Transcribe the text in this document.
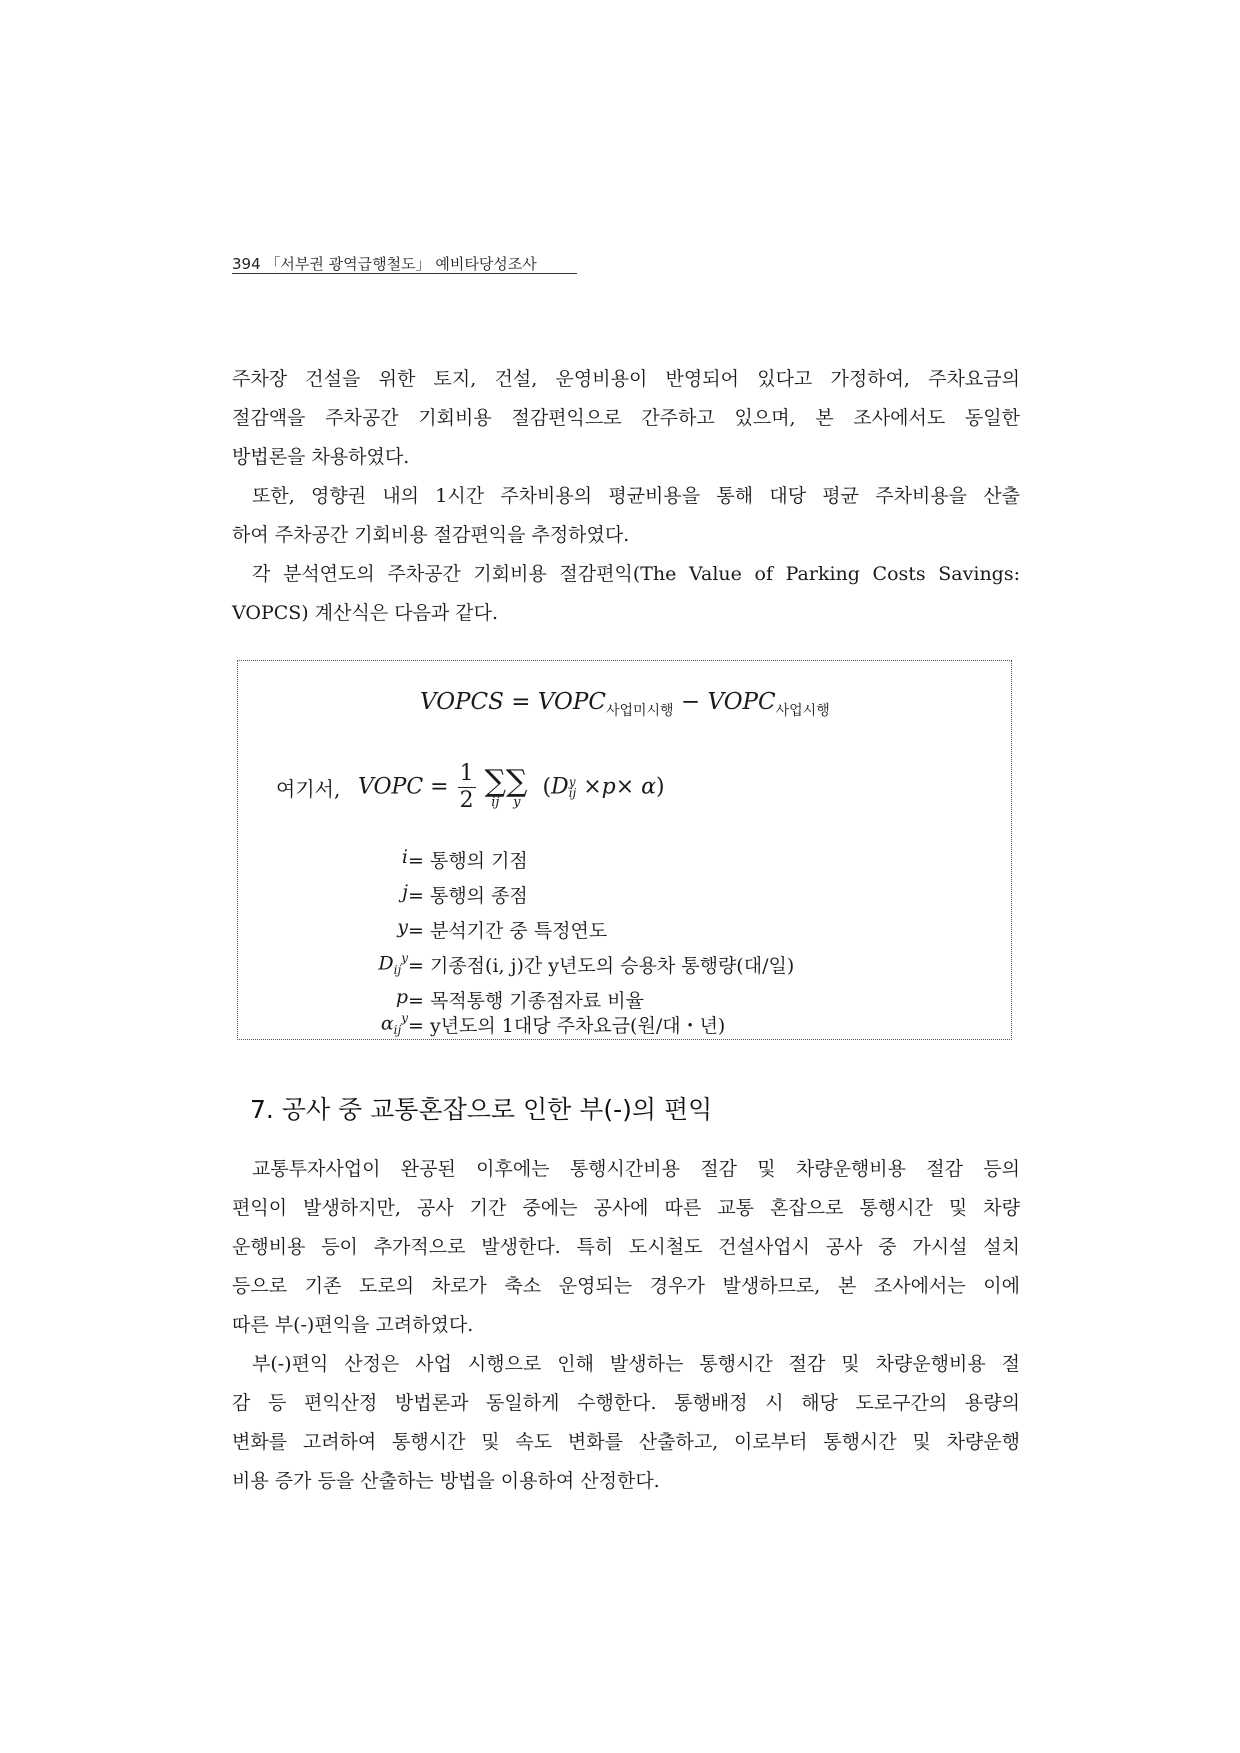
394 「서부권 광역급행철도」 예비타당성조사

주차장 건설을 위한 토지, 건설, 운영비용이 반영되어 있다고 가정하여, 주차요금의

절감액을 주차공간 기회비용 절감편익으로 간주하고 있으며, 본 조사에서도 동일한

방법론을 차용하였다.

또한, 영향권 내의 1시간 주차비용의 평균비용을 통해 대당 평균 주차비용을 산출

하여 주차공간 기회비용 절감편익을 추정하였다.

각 분석연도의 주차공간 기회비용 절감편익(The Value of Parking Costs Savings:

VOPCS) 계산식은 다음과 같다.

VOPCS = $VOPC_{사업미시행}$ − $VOPC_{사업시행}$
여기서, VOPC = $\frac{1}{2}$
∑
ij
∑
y
(D y
ij ×p× α)
i = 통행의 기점
j = 통행의 종점
y = 분석기간 중 특정연도
$D_{ij}^y$ = 기종점(i, j)간 y년도의 승용차 통행량(대/일)
p = 목적통행 기종점자료 비율
$\alpha_{ij}^y = y$년도의 1대당 주차요금(원/대・년)
7. 공사 중 교통혼잡으로 인한 부(-)의 편익

교통투자사업이 완공된 이후에는 통행시간비용 절감 및 차량운행비용 절감 등의

편익이 발생하지만, 공사 기간 중에는 공사에 따른 교통 혼잡으로 통행시간 및 차량

운행비용 등이 추가적으로 발생한다. 특히 도시철도 건설사업시 공사 중 가시설 설치

등으로 기존 도로의 차로가 축소 운영되는 경우가 발생하므로, 본 조사에서는 이에

따른 부(-)편익을 고려하였다.

부(-)편익 산정은 사업 시행으로 인해 발생하는 통행시간 절감 및 차량운행비용 절

감 등 편익산정 방법론과 동일하게 수행한다. 통행배정 시 해당 도로구간의 용량의

변화를 고려하여 통행시간 및 속도 변화를 산출하고, 이로부터 통행시간 및 차량운행

비용 증가 등을 산출하는 방법을 이용하여 산정한다.
